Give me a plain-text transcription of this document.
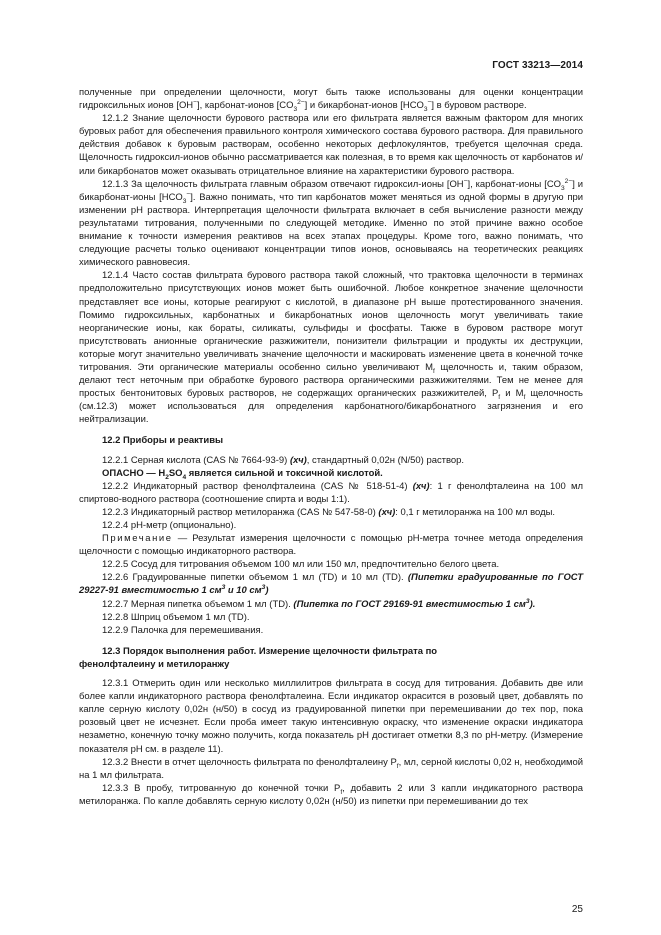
ГОСТ 33213—2014

полученные при определении щелочности, могут быть также использованы для оценки концентрации гидроксильных ионов [OH−], карбонат-ионов $[CO_3^{2-}]$ и бикарбонат-ионов $[HCO_3^-]$ в буровом растворе.

12.1.2 Знание щелочности бурового раствора или его фильтрата является важным фактором для многих буровых работ для обеспечения правильного контроля химического состава бурового раствора. Для правильного действия добавок к буровым растворам, особенно некоторых дефлокулянтов, требуется щелочная среда. Щелочность гидроксил-ионов обычно рассматривается как полезная, в то время как щелочность от карбонатов и/или бикарбонатов может оказывать отрицательное влияние на характеристики бурового раствора.

12.1.3 За щелочность фильтрата главным образом отвечают гидроксил-ионы [OH−], карбонат-ионы $[CO_3^{2-}]$ и бикарбонат-ионы $[HCO_3^-]$. Важно понимать, что тип карбонатов может меняться из одной формы в другую при изменении pH раствора. Интерпретация щелочности фильтрата включает в себя вычисление разности между результатами титрования, полученными по следующей методике. Именно по этой причине важно особое внимание к точности измерения реактивов на всех этапах процедуры. Кроме того, важно понимать, что следующие расчеты только оценивают концентрации типов ионов, основываясь на теоретических реакциях химического равновесия.

12.1.4 Часто состав фильтрата бурового раствора такой сложный, что трактовка щелочности в терминах предположительно присутствующих ионов может быть ошибочной. Любое конкретное значение щелочности представляет все ионы, которые реагируют с кислотой, в диапазоне pH выше протестированного значения. Помимо гидроксильных, карбонатных и бикарбонатных ионов щелочность могут увеличивать такие неорганические ионы, как бораты, силикаты, сульфиды и фосфаты. Также в буровом растворе могут присутствовать анионные органические разжижители, понизители фильтрации и продукты их деструкции, которые могут значительно увеличивать значение щелочности и маскировать изменение цвета в конечной точке титрования. Эти органические материалы особенно сильно увеличивают $M_f$ щелочность и, таким образом, делают тест неточным при обработке бурового раствора органическими разжижителями. Тем не менее для простых бентонитовых буровых растворов, не содержащих органических разжижителей, $P_f$ и $M_f$ щелочность (см.12.3) может использоваться для определения карбонатного/бикарбонатного загрязнения и его нейтрализации.

12.2 Приборы и реактивы

12.2.1 Серная кислота (CAS № 7664-93-9) (хч), стандартный 0,02н (N/50) раствор.

ОПАСНО — $H_2SO_4$ является сильной и токсичной кислотой.

12.2.2 Индикаторный раствор фенолфталеина (CAS № 518-51-4) (хч): 1 г фенолфталеина на 100 мл спиртово-водного раствора (соотношение спирта и воды 1:1).

12.2.3 Индикаторный раствор метилоранжа (CAS № 547-58-0) (хч): 0,1 г метилоранжа на 100 мл воды.

12.2.4 pH-метр (опционально).

Примечание — Результат измерения щелочности с помощью pH-метра точнее метода определения щелочности с помощью индикаторного раствора.

12.2.5 Сосуд для титрования объемом 100 мл или 150 мл, предпочтительно белого цвета.

12.2.6 Градуированные пипетки объемом 1 мл (TD) и 10 мл (TD). (Пипетки градуированные по ГОСТ 29227-91 вместимостью 1 $см^3$ и 10 $см^3$)

12.2.7 Мерная пипетка объемом 1 мл (TD). (Пипетка по ГОСТ 29169-91 вместимостью 1 $см^3$).

12.2.8 Шприц объемом 1 мл (TD).

12.2.9 Палочка для перемешивания.

12.3 Порядок выполнения работ. Измерение щелочности фильтрата по фенолфталеину и метилоранжу

12.3.1 Отмерить один или несколько миллилитров фильтрата в сосуд для титрования. Добавить две или более капли индикаторного раствора фенолфталеина. Если индикатор окрасится в розовый цвет, добавлять по капле серную кислоту 0,02н (н/50) в сосуд из градуированной пипетки при перемешивании до тех пор, пока розовый цвет не исчезнет. Если проба имеет такую интенсивную окраску, что изменение окраски индикатора незаметно, конечную точку можно получить, когда показатель pH достигает отметки 8,3 по pH-метру. (Измерение показателя pH см. в разделе 11).

12.3.2 Внести в отчет щелочность фильтрата по фенолфталеину $P_f$, мл, серной кислоты 0,02 н, необходимой на 1 мл фильтрата.

12.3.3 В пробу, титрованную до конечной точки $P_f$, добавить 2 или 3 капли индикаторного раствора метилоранжа. По капле добавлять серную кислоту 0,02н (н/50) из пипетки при перемешивании до тех

25
